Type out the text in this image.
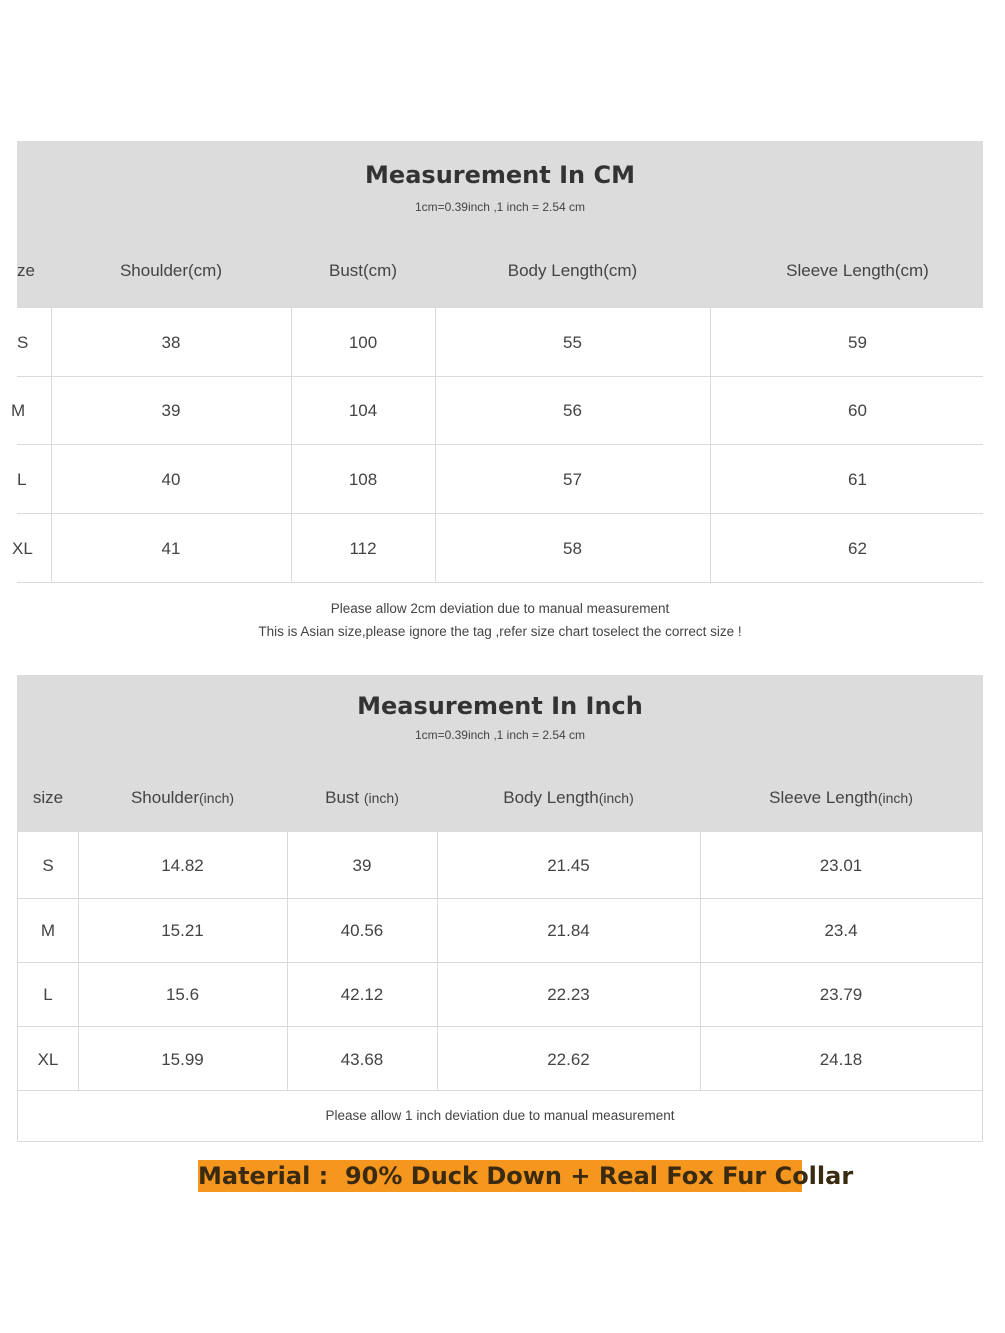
Measurement In CM
1cm=0.39inch ,1 inch = 2.54 cm
ze	Shoulder(cm)	Bust(cm)	Body Length(cm)	Sleeve Length(cm)
S	38	100	55	59
M	39	104	56	60
L	40	108	57	61
XL	41	112	58	62
Please allow 2cm deviation due to manual measurement
This is Asian size,please ignore the tag ,refer size chart toselect the correct size !
Measurement In Inch
1cm=0.39inch ,1 inch = 2.54 cm
size	Shoulder(inch)	Bust (inch)	Body Length(inch)	Sleeve Length(inch)
S	14.82	39	21.45	23.01
M	15.21	40.56	21.84	23.4
L	15.6	42.12	22.23	23.79
XL	15.99	43.68	22.62	24.18
Please allow 1 inch deviation due to manual measurement
Material :  90% Duck Down + Real Fox Fur Collar
